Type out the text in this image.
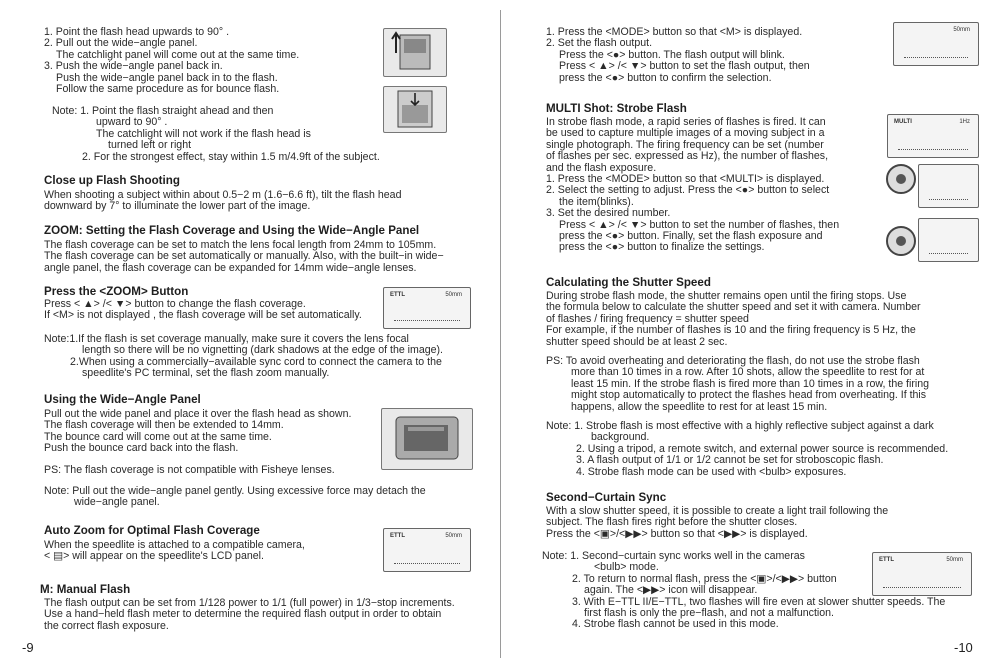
1. Point the flash head upwards to 90° .
2. Pull out the wide−angle panel.
The catchlight panel will come out at the same time.
3. Push the wide−angle panel back in.
Push the wide−angle panel back in to the flash.
Follow the same procedure as for bounce flash.
Note: 1. Point the flash straight ahead and then
upward to 90° .
The catchlight will not work if the flash head is
turned left or right
2. For the strongest effect, stay within 1.5 m/4.9ft of the subject.
Close up Flash Shooting
When shooting a subject within about 0.5−2 m (1.6−6.6 ft), tilt the flash head
downward by 7° to illuminate the lower part of the image.
ZOOM: Setting the Flash Coverage and Using the Wide−Angle Panel
The flash coverage can be set to match the lens focal length from 24mm to 105mm.
The flash coverage can be set automatically or manually. Also, with the built−in wide−
angle panel, the flash coverage can be expanded for 14mm wide−angle lenses.
Press the <ZOOM> Button
Press < ▲> /< ▼> button to change the flash coverage.
If <M> is not displayed , the flash coverage will be set automatically.
ETTL	50mm
Note:1.If the flash is set coverage manually, make sure it covers the lens focal
length so there will be no vignetting (dark shadows at the edge of the image).
2.When using a commercially−available sync cord to connect the camera to the
speedlite's PC terminal, set the flash zoom manually.
Using the Wide−Angle Panel
Pull out the wide panel and place it over the flash head as shown.
The flash coverage will then be extended to 14mm.
The bounce card will come out at the same time.
Push the bounce card back into the flash.
PS: The flash coverage is not compatible with Fisheye lenses.
Note: Pull out the wide−angle panel gently. Using excessive force may detach the
wide−angle panel.
Auto Zoom for Optimal Flash Coverage
When the speedlite is attached to a compatible camera,
< ▤> will appear on the speedlite's LCD panel.
ETTL	50mm
M: Manual Flash
The flash output can be set from 1/128 power to 1/1 (full power) in 1/3−stop increments.
Use a hand−held flash meter to determine the required flash output in order to obtain
the correct flash exposure.
-9
1. Press the <MODE> button so that <M> is displayed.
2. Set the flash output.
Press the <●> button. The flash output will blink.
Press < ▲> /< ▼> button to set the flash output, then
press the <●> button to confirm the selection.
50mm
MULTI Shot: Strobe Flash
In strobe flash mode, a rapid series of flashes is fired. It can
be used to capture multiple images of a moving subject in a
single photograph. The firing frequency can be set (number
of flashes per sec. expressed as Hz), the number of flashes,
and the flash exposure.
1. Press the <MODE> button so that <MULTI> is displayed.
2. Select the setting to adjust. Press the <●> button to select
the item(blinks).
3. Set the desired number.
Press < ▲> /< ▼> button to set the number of flashes, then
press the <●> button. Finally, set the flash exposure and
press the <●> button to finalize the settings.
MULTI	1Hz
Calculating the Shutter Speed
During strobe flash mode, the shutter remains open until the firing stops. Use
the formula below to calculate the shutter speed and set it with camera. Number
of flashes / firing frequency = shutter speed
For example, if the number of flashes is 10 and the firing frequency is 5 Hz, the
shutter speed should be at least 2 sec.
PS: To avoid overheating and deteriorating the flash, do not use the strobe flash
more than 10 times in a row. After 10 shots, allow the speedlite to rest for at
least 15 min. If the strobe flash is fired more than 10 times in a row, the firing
might stop automatically to protect the flashes head from overheating. If this
happens, allow the speedlite to rest for at least 15 min.
Note: 1. Strobe flash is most effective with a highly reflective subject against a dark
background.
2. Using a tripod, a remote switch, and external power source is recommended.
3. A flash output of 1/1 or 1/2 cannot be set for stroboscopic flash.
4. Strobe flash mode can be used with <bulb> exposures.
Second−Curtain Sync
With a slow shutter speed, it is possible to create a light trail following the
subject. The flash fires right before the shutter closes.
Press the <▣>/<▶▶> button so that <▶▶> is displayed.
Note: 1. Second−curtain sync works well in the cameras
<bulb> mode.
2. To return to normal flash, press the <▣>/<▶▶> button
again. The <▶▶> icon will disappear.
3. With E−TTL II/E−TTL, two flashes will fire even at slower shutter speeds. The
first flash is only the pre−flash, and not a malfunction.
4. Strobe flash cannot be used in this mode.
ETTL	50mm
-10
